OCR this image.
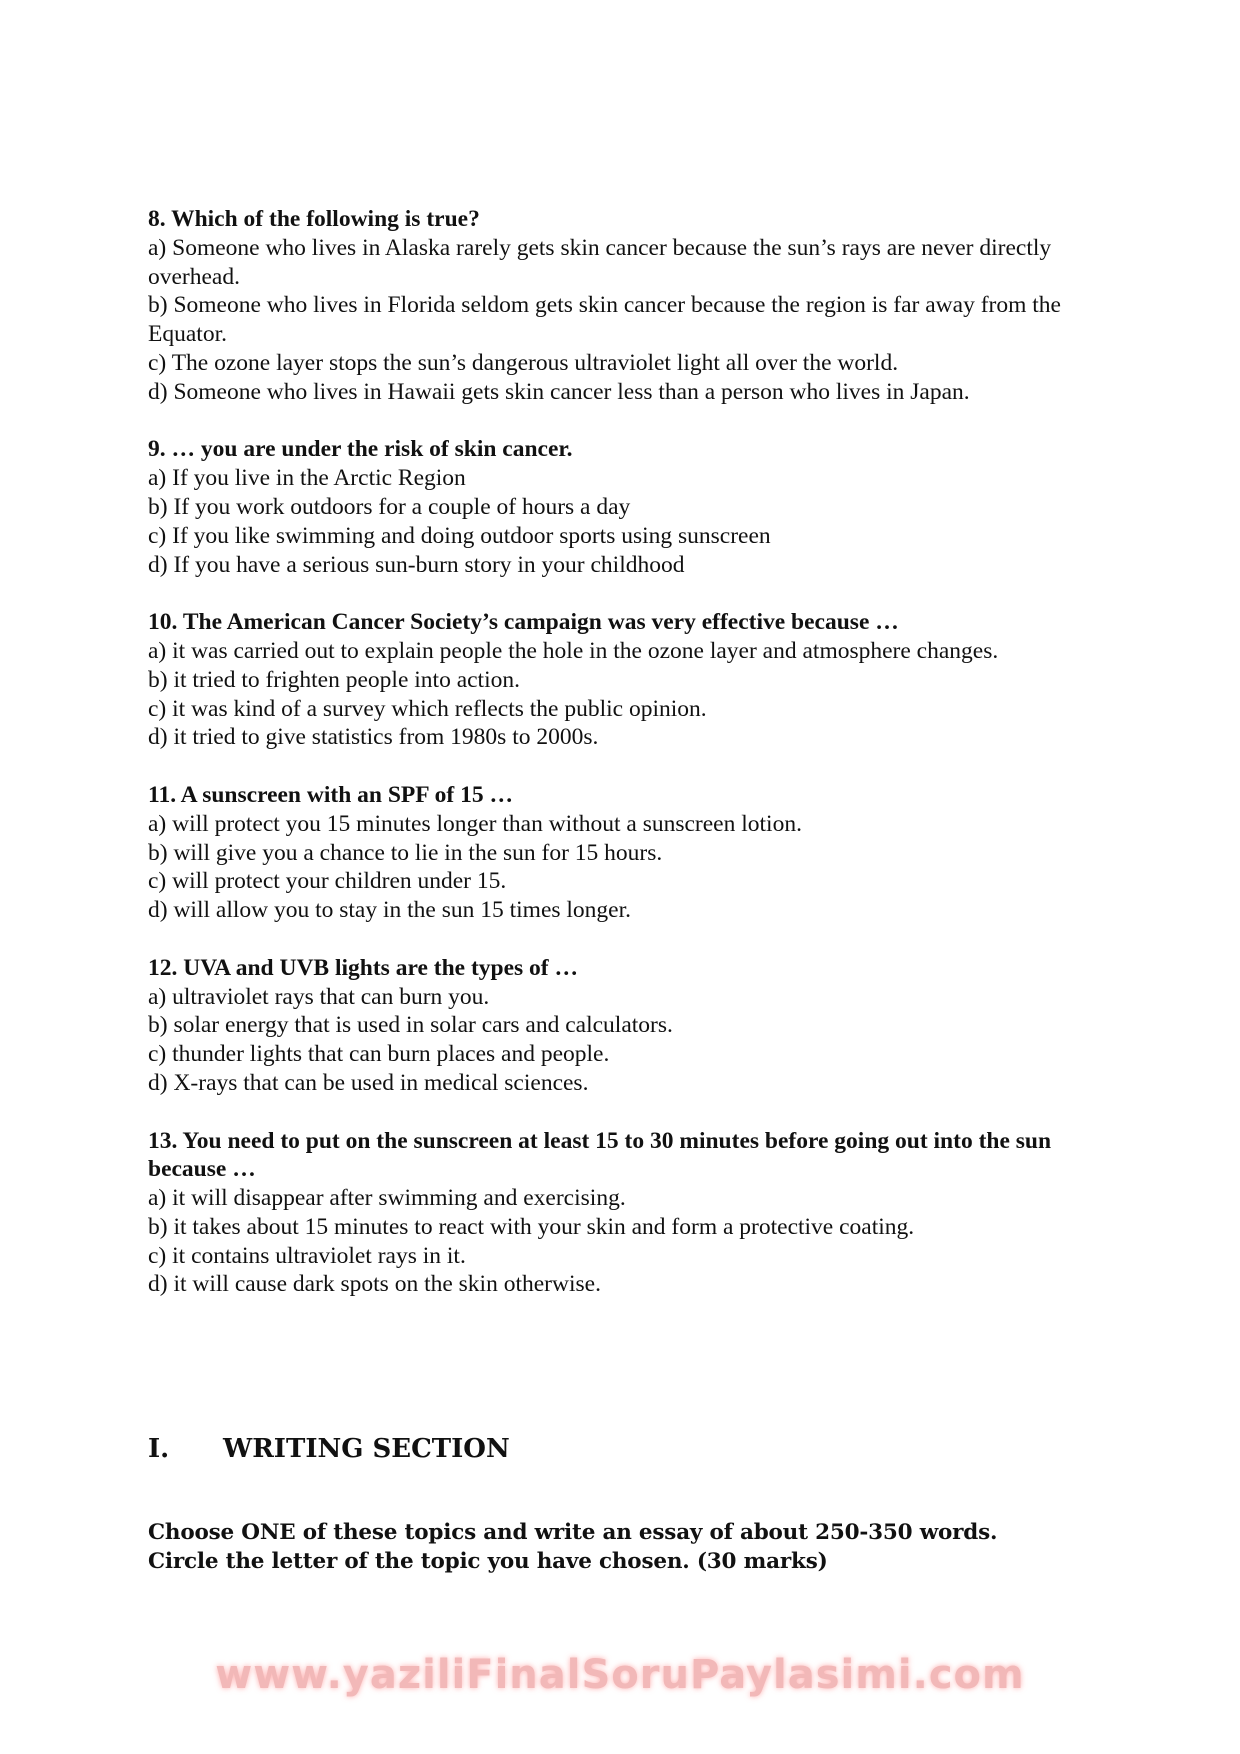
8. Which of the following is true?
a) Someone who lives in Alaska rarely gets skin cancer because the sun’s rays are never directly overhead.
b) Someone who lives in Florida seldom gets skin cancer because the region is far away from the Equator.
c) The ozone layer stops the sun’s dangerous ultraviolet light all over the world.
d) Someone who lives in Hawaii gets skin cancer less than a person who lives in Japan.
9. … you are under the risk of skin cancer.
a) If you live in the Arctic Region
b) If you work outdoors for a couple of hours a day
c) If you like swimming and doing outdoor sports using sunscreen
d) If you have a serious sun-burn story in your childhood
10. The American Cancer Society’s campaign was very effective because …
a) it was carried out to explain people the hole in the ozone layer and atmosphere changes.
b) it tried to frighten people into action.
c) it was kind of a survey which reflects the public opinion.
d) it tried to give statistics from 1980s to 2000s.
11. A sunscreen with an SPF of 15 …
a) will protect you 15 minutes longer than without a sunscreen lotion.
b) will give you a chance to lie in the sun for 15 hours.
c) will protect your children under 15.
d) will allow you to stay in the sun 15 times longer.
12. UVA and UVB lights are the types of …
a) ultraviolet rays that can burn you.
b) solar energy that is used in solar cars and calculators.
c) thunder lights that can burn places and people.
d) X-rays that can be used in medical sciences.
13. You need to put on the sunscreen at least 15 to 30 minutes before going out into the sun because …
a) it will disappear after swimming and exercising.
b) it takes about 15 minutes to react with your skin and form a protective coating.
c) it contains ultraviolet rays in it.
d) it will cause dark spots on the skin otherwise.
I. WRITING SECTION
Choose ONE of these topics and write an essay of about 250-350 words.
Circle the letter of the topic you have chosen. (30 marks)
www.yaziliFinalSoruPaylasimi.com
